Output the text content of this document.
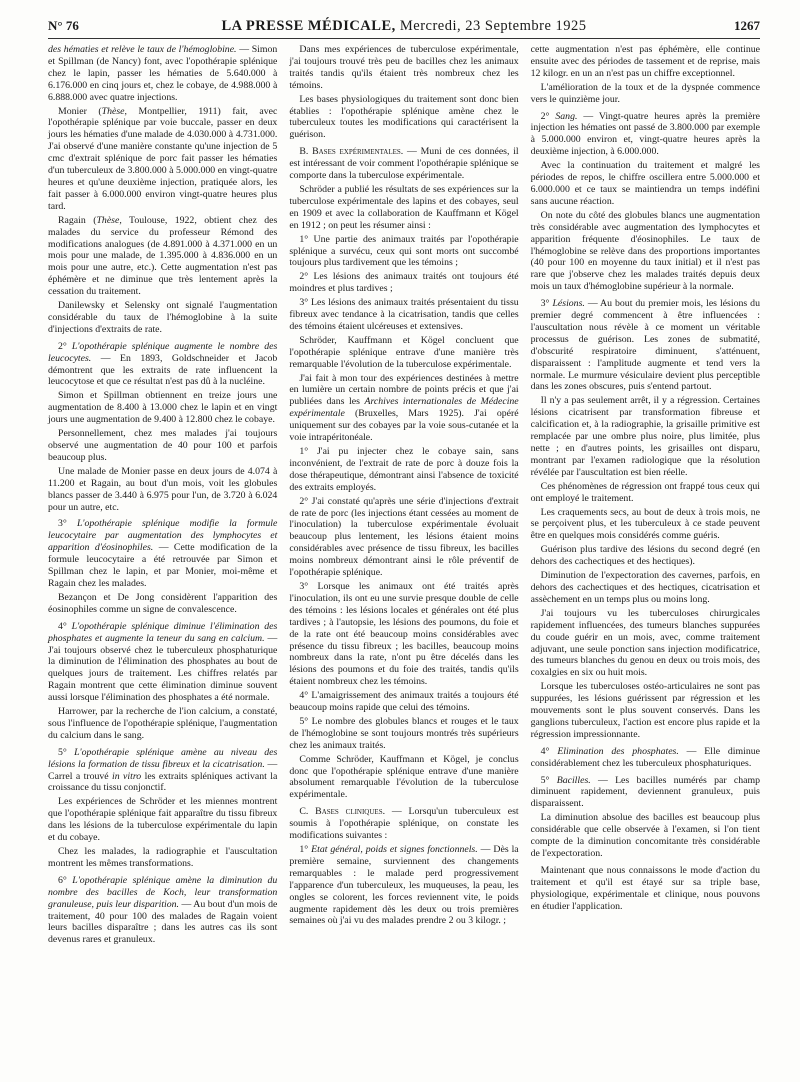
N° 76	LA PRESSE MÉDICALE, Mercredi, 23 Septembre 1925	1267

des hématies et relève le taux de l'hémoglobine. — Simon et Spillman (de Nancy) font, avec l'opothérapie splénique chez le lapin, passer les hématies de 5.640.000 à 6.176.000 en cinq jours et, chez le cobaye, de 4.988.000 à 6.888.000 avec quatre injections.

Monier (Thèse, Montpellier, 1911) fait, avec l'opothérapie splénique par voie buccale, passer en deux jours les hématies d'une malade de 4.030.000 à 4.731.000. J'ai observé d'une manière constante qu'une injection de 5 cmc d'extrait splénique de porc fait passer les hématies d'un tuberculeux de 3.800.000 à 5.000.000 en vingt-quatre heures et qu'une deuxième injection, pratiquée alors, les fait passer à 6.000.000 environ vingt-quatre heures plus tard.

Ragain (Thèse, Toulouse, 1922, obtient chez des malades du service du professeur Rémond des modifications analogues (de 4.891.000 à 4.371.000 en un mois pour une malade, de 1.395.000 à 4.836.000 en un mois pour une autre, etc.). Cette augmentation n'est pas éphémère et ne diminue que très lentement après la cessation du traitement.

Danilewsky et Selensky ont signalé l'augmentation considérable du taux de l'hémoglobine à la suite d'injections d'extraits de rate.

2° L'opothérapie splénique augmente le nombre des leucocytes. — En 1893, Goldschneider et Jacob démontrent que les extraits de rate influencent la leucocytose et que ce résultat n'est pas dû à la nucléine.

Simon et Spillman obtiennent en treize jours une augmentation de 8.400 à 13.000 chez le lapin et en vingt jours une augmentation de 9.400 à 12.800 chez le cobaye.

Personnellement, chez mes malades j'ai toujours observé une augmentation de 40 pour 100 et parfois beaucoup plus.

Une malade de Monier passe en deux jours de 4.074 à 11.200 et Ragain, au bout d'un mois, voit les globules blancs passer de 3.440 à 6.975 pour l'un, de 3.720 à 6.024 pour un autre, etc.

3° L'opothérapie splénique modifie la formule leucocytaire par augmentation des lymphocytes et apparition d'éosinophiles. — Cette modification de la formule leucocytaire a été retrouvée par Simon et Spillman chez le lapin, et par Monier, moi-même et Ragain chez les malades.

Bezançon et De Jong considèrent l'apparition des éosinophiles comme un signe de convalescence.

4° L'opothérapie splénique diminue l'élimination des phosphates et augmente la teneur du sang en calcium. — J'ai toujours observé chez le tuberculeux phosphaturique la diminution de l'élimination des phosphates au bout de quelques jours de traitement. Les chiffres relatés par Ragain montrent que cette élimination diminue souvent aussi lorsque l'élimination des phosphates a été normale.

Harrower, par la recherche de l'ion calcium, a constaté, sous l'influence de l'opothérapie splénique, l'augmentation du calcium dans le sang.

5° L'opothérapie splénique amène au niveau des lésions la formation de tissu fibreux et la cicatrisation. — Carrel a trouvé in vitro les extraits spléniques activant la croissance du tissu conjonctif.

Les expériences de Schröder et les miennes montrent que l'opothérapie splénique fait apparaître du tissu fibreux dans les lésions de la tuberculose expérimentale du lapin et du cobaye.

Chez les malades, la radiographie et l'auscultation montrent les mêmes transformations.

6° L'opothérapie splénique amène la diminution du nombre des bacilles de Koch, leur transformation granuleuse, puis leur disparition. — Au bout d'un mois de traitement, 40 pour 100 des malades de Ragain voient leurs bacilles disparaître ; dans les autres cas ils sont devenus rares et granuleux.

Dans mes expériences de tuberculose expérimentale, j'ai toujours trouvé très peu de bacilles chez les animaux traités tandis qu'ils étaient très nombreux chez les témoins.

Les bases physiologiques du traitement sont donc bien établies : l'opothérapie splénique amène chez le tuberculeux toutes les modifications qui caractérisent la guérison.

B. Bases expérimentales. — Muni de ces données, il est intéressant de voir comment l'opothérapie splénique se comporte dans la tuberculose expérimentale.

Schröder a publié les résultats de ses expériences sur la tuberculose expérimentale des lapins et des cobayes, seul en 1909 et avec la collaboration de Kauffmann et Kögel en 1912 ; on peut les résumer ainsi :

1° Une partie des animaux traités par l'opothérapie splénique a survécu, ceux qui sont morts ont succombé toujours plus tardivement que les témoins ;

2° Les lésions des animaux traités ont toujours été moindres et plus tardives ;

3° Les lésions des animaux traités présentaient du tissu fibreux avec tendance à la cicatrisation, tandis que celles des témoins étaient ulcéreuses et extensives.

Schröder, Kauffmann et Kögel concluent que l'opothérapie splénique entrave d'une manière très remarquable l'évolution de la tuberculose expérimentale.

J'ai fait à mon tour des expériences destinées à mettre en lumière un certain nombre de points précis et que j'ai publiées dans les Archives internationales de Médecine expérimentale (Bruxelles, Mars 1925). J'ai opéré uniquement sur des cobayes par la voie sous-cutanée et la voie intrapéritonéale.

1° J'ai pu injecter chez le cobaye sain, sans inconvénient, de l'extrait de rate de porc à douze fois la dose thérapeutique, démontrant ainsi l'absence de toxicité des extraits employés.

2° J'ai constaté qu'après une série d'injections d'extrait de rate de porc (les injections étant cessées au moment de l'inoculation) la tuberculose expérimentale évoluait beaucoup plus lentement, les lésions étaient moins considérables avec présence de tissu fibreux, les bacilles moins nombreux démontrant ainsi le rôle préventif de l'opothérapie splénique.

3° Lorsque les animaux ont été traités après l'inoculation, ils ont eu une survie presque double de celle des témoins : les lésions locales et générales ont été plus tardives ; à l'autopsie, les lésions des poumons, du foie et de la rate ont été beaucoup moins considérables avec présence du tissu fibreux ; les bacilles, beaucoup moins nombreux dans la rate, n'ont pu être décelés dans les lésions des poumons et du foie des traités, tandis qu'ils étaient nombreux chez les témoins.

4° L'amaigrissement des animaux traités a toujours été beaucoup moins rapide que celui des témoins.

5° Le nombre des globules blancs et rouges et le taux de l'hémoglobine se sont toujours montrés très supérieurs chez les animaux traités.

Comme Schröder, Kauffmann et Kögel, je conclus donc que l'opothérapie splénique entrave d'une manière absolument remarquable l'évolution de la tuberculose expérimentale.

C. Bases cliniques. — Lorsqu'un tuberculeux est soumis à l'opothérapie splénique, on constate les modifications suivantes :

1° Etat général, poids et signes fonctionnels. — Dès la première semaine, surviennent des changements remarquables : le malade perd progressivement l'apparence d'un tuberculeux, les muqueuses, la peau, les ongles se colorent, les forces reviennent vite, le poids augmente rapidement dès les deux ou trois premières semaines où j'ai vu des malades prendre 2 ou 3 kilogr. ;

cette augmentation n'est pas éphémère, elle continue ensuite avec des périodes de tassement et de reprise, mais 12 kilogr. en un an n'est pas un chiffre exceptionnel.

L'amélioration de la toux et de la dyspnée commence vers le quinzième jour.

2° Sang. — Vingt-quatre heures après la première injection les hématies ont passé de 3.800.000 par exemple à 5.000.000 environ et, vingt-quatre heures après la deuxième injection, à 6.000.000.

Avec la continuation du traitement et malgré les périodes de repos, le chiffre oscillera entre 5.000.000 et 6.000.000 et ce taux se maintiendra un temps indéfini sans aucune réaction.

On note du côté des globules blancs une augmentation très considérable avec augmentation des lymphocytes et apparition fréquente d'éosinophiles. Le taux de l'hémoglobine se relève dans des proportions importantes (40 pour 100 en moyenne du taux initial) et il n'est pas rare que j'observe chez les malades traités depuis deux mois un taux d'hémoglobine supérieur à la normale.

3° Lésions. — Au bout du premier mois, les lésions du premier degré commencent à être influencées : l'auscultation nous révèle à ce moment un véritable processus de guérison. Les zones de submatité, d'obscurité respiratoire diminuent, s'atténuent, disparaissent : l'amplitude augmente et tend vers la normale. Le murmure vésiculaire devient plus perceptible dans les zones obscures, puis s'entend partout.

Il n'y a pas seulement arrêt, il y a régression. Certaines lésions cicatrisent par transformation fibreuse et calcification et, à la radiographie, la grisaille primitive est remplacée par une ombre plus noire, plus limitée, plus nette ; en d'autres points, les grisailles ont disparu, montrant par l'examen radiologique que la résolution révélée par l'auscultation est bien réelle.

Ces phénomènes de régression ont frappé tous ceux qui ont employé le traitement.

Les craquements secs, au bout de deux à trois mois, ne se perçoivent plus, et les tuberculeux à ce stade peuvent être en quelques mois considérés comme guéris.

Guérison plus tardive des lésions du second degré (en dehors des cachectiques et des hectiques).

Diminution de l'expectoration des cavernes, parfois, en dehors des cachectiques et des hectiques, cicatrisation et assèchement en un temps plus ou moins long.

J'ai toujours vu les tuberculoses chirurgicales rapidement influencées, des tumeurs blanches suppurées du coude guérir en un mois, avec, comme traitement adjuvant, une seule ponction sans injection modificatrice, des tumeurs blanches du genou en deux ou trois mois, des coxalgies en six ou huit mois.

Lorsque les tuberculoses ostéo-articulaires ne sont pas suppurées, les lésions guérissent par régression et les mouvements sont le plus souvent conservés. Dans les ganglions tuberculeux, l'action est encore plus rapide et la régression impressionnante.

4° Elimination des phosphates. — Elle diminue considérablement chez les tuberculeux phosphaturiques.

5° Bacilles. — Les bacilles numérés par champ diminuent rapidement, deviennent granuleux, puis disparaissent.

La diminution absolue des bacilles est beaucoup plus considérable que celle observée à l'examen, si l'on tient compte de la diminution concomitante très considérable de l'expectoration.

Maintenant que nous connaissons le mode d'action du traitement et qu'il est étayé sur sa triple base, physiologique, expérimentale et clinique, nous pouvons en étudier l'application.
